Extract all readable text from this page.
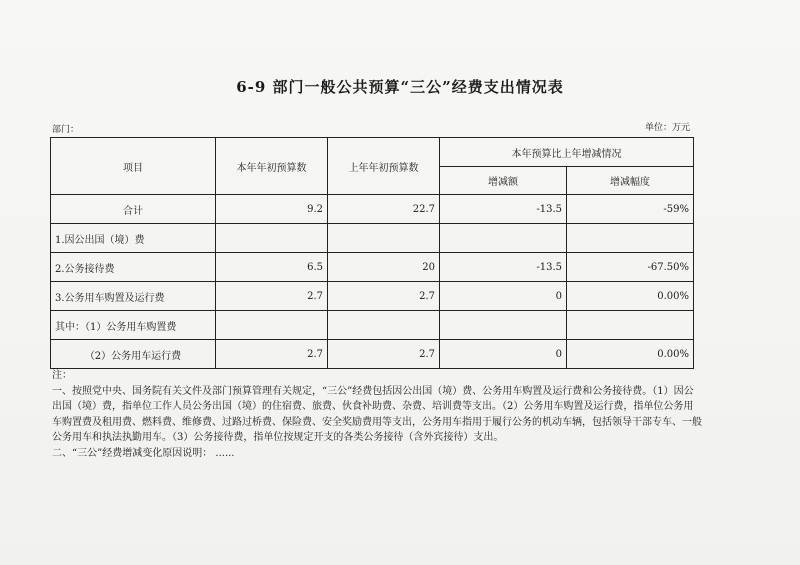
6-9 部门一般公共预算“三公”经费支出情况表
部门：	单位：万元
项目	本年年初预算数	上年年初预算数	本年预算比上年增减情况	
			增减额	增减幅度
合计	9.2	22.7	-13.5	-59%
1.因公出国（境）费				
2.公务接待费	6.5	20	-13.5	-67.50%
3.公务用车购置及运行费	2.7	2.7	0	0.00%
其中：（1）公务用车购置费				
（2）公务用车运行费	2.7	2.7	0	0.00%
注：
一、按照党中央、国务院有关文件及部门预算管理有关规定，“三公”经费包括因公出国（境）费、公务用车购置及运行费和公务接待费。（1）因公出国（境）费，指单位工作人员公务出国（境）的住宿费、旅费、伙食补助费、杂费、培训费等支出。（2）公务用车购置及运行费，指单位公务用车购置费及租用费、燃料费、维修费、过路过桥费、保险费、安全奖励费用等支出，公务用车指用于履行公务的机动车辆，包括领导干部专车、一般公务用车和执法执勤用车。（3）公务接待费，指单位按规定开支的各类公务接待（含外宾接待）支出。
二、“三公”经费增减变化原因说明： ......
